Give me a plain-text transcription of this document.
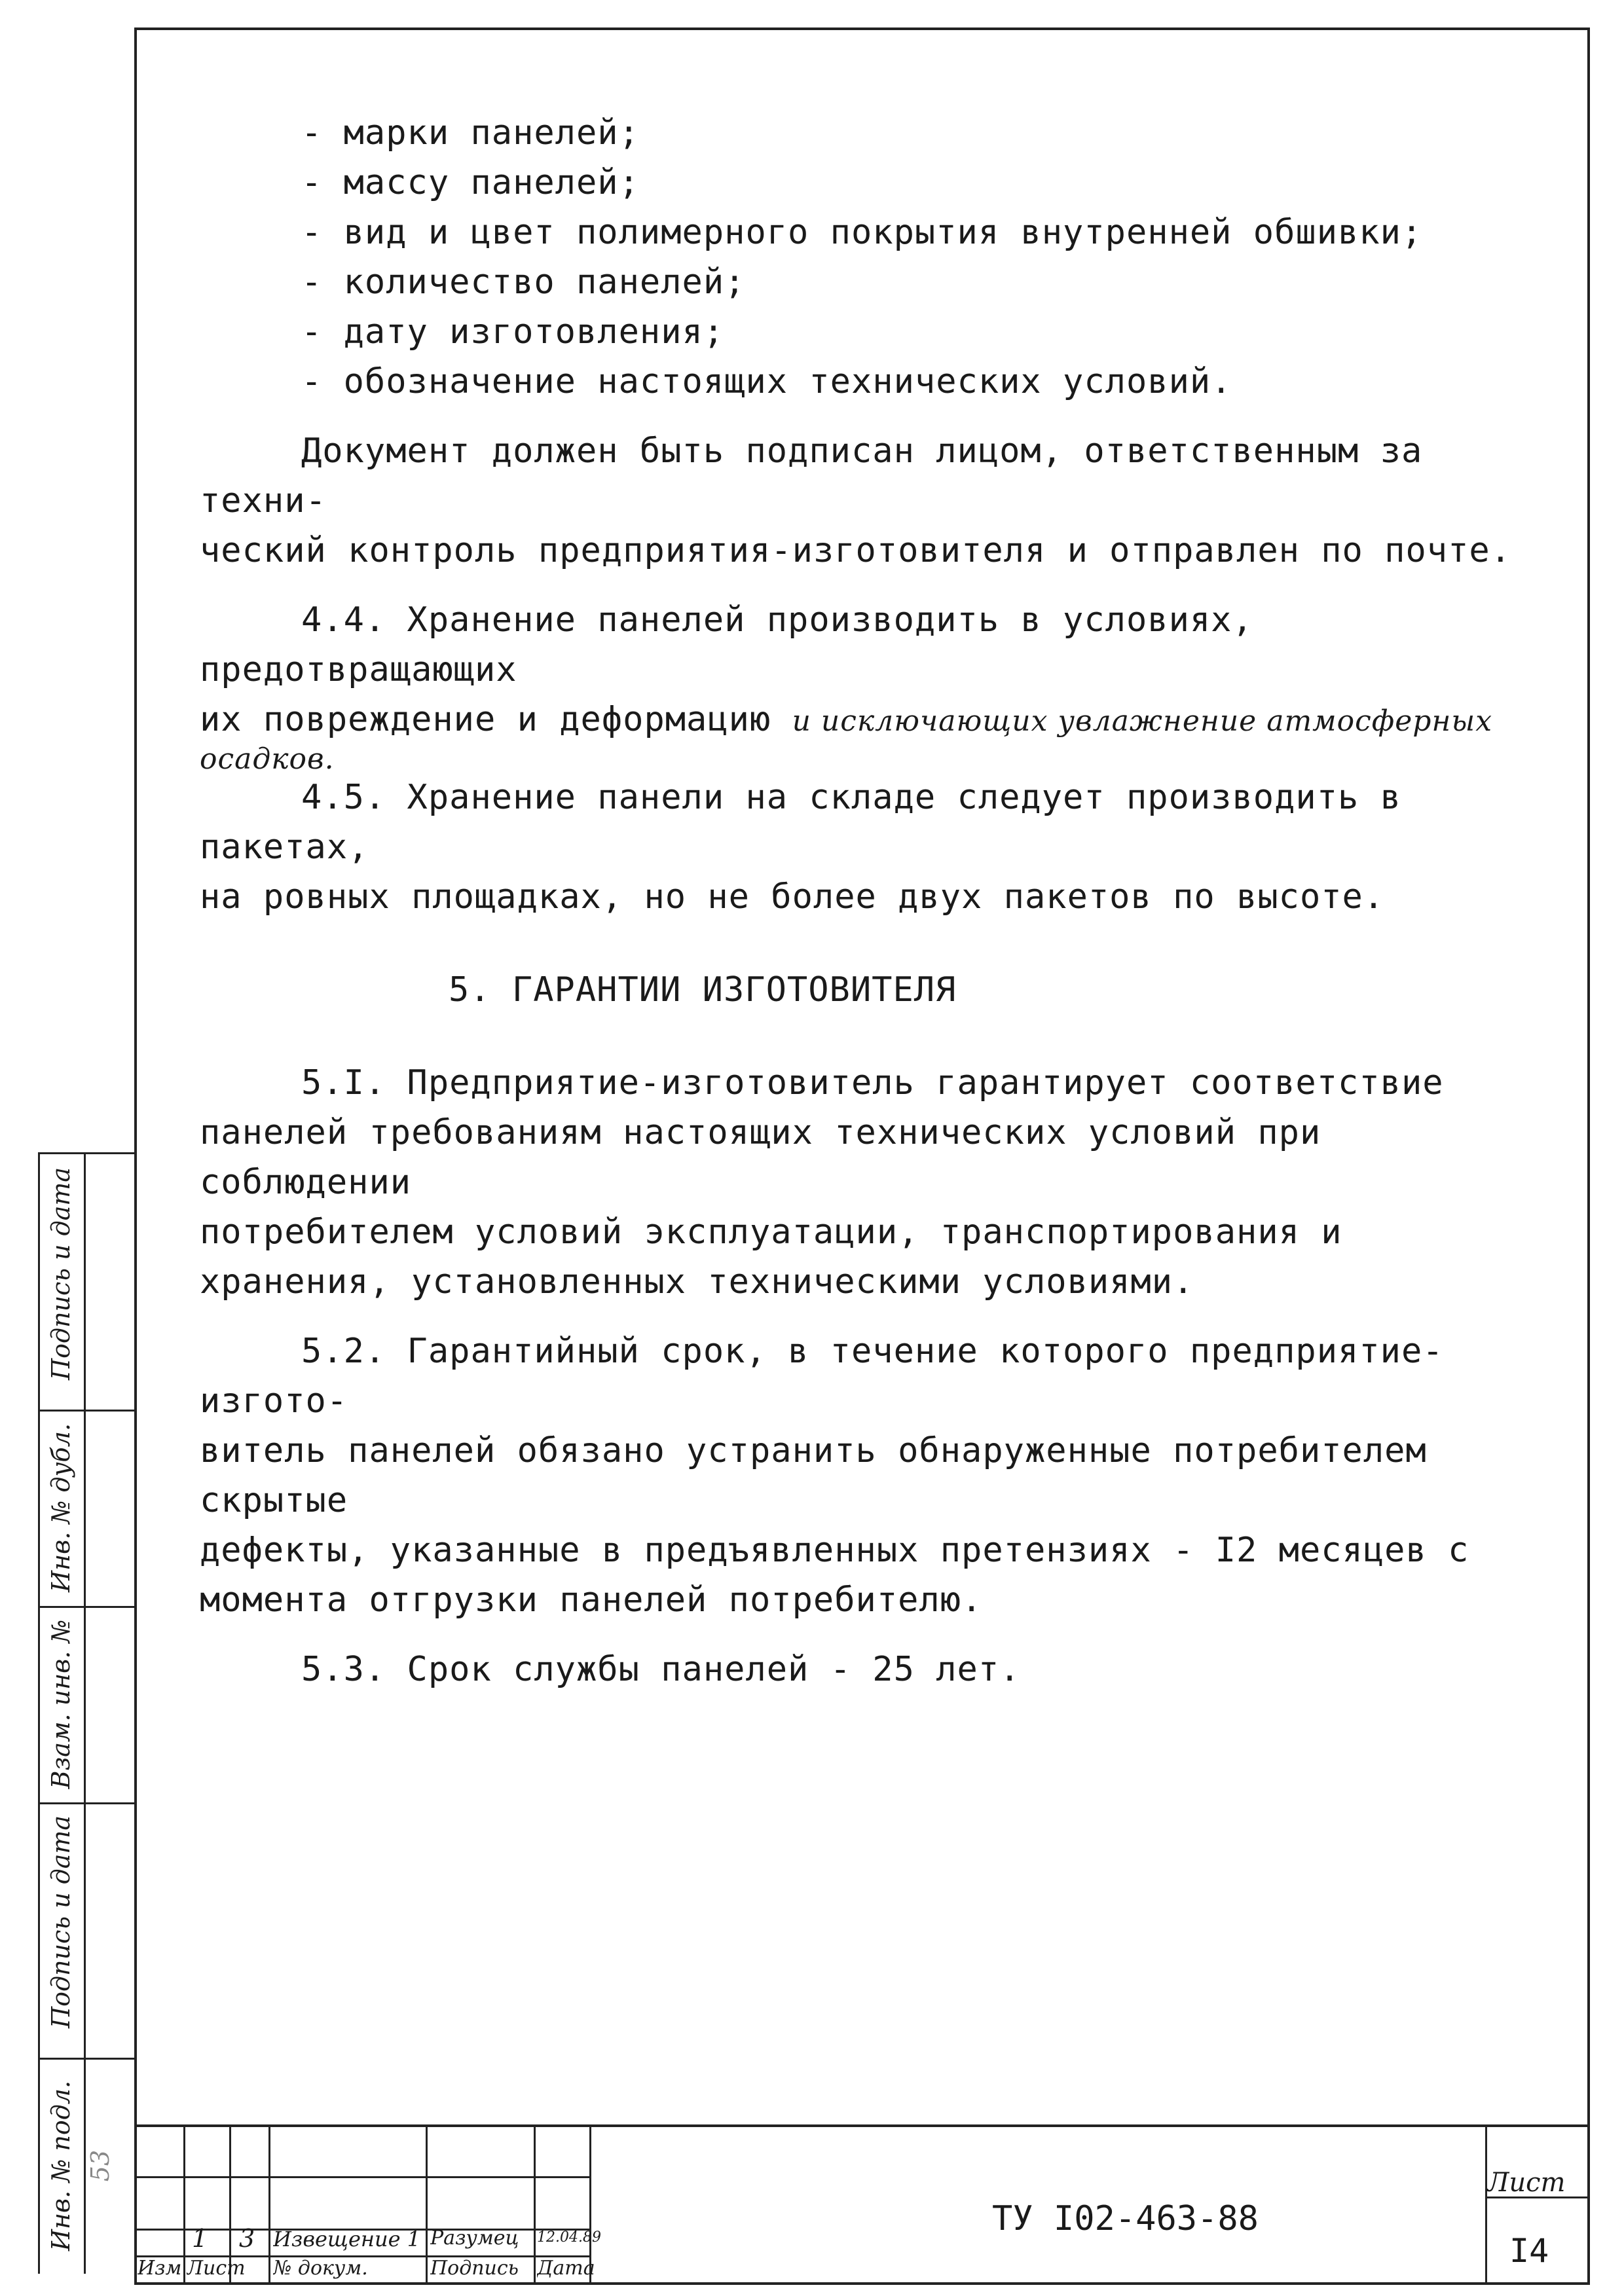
- марки панелей;

- массу панелей;

- вид и цвет полимерного покрытия внутренней обшивки;

- количество панелей;

- дату изготовления;

- обозначение настоящих технических условий.

Документ должен быть подписан лицом, ответственным за техни-

ческий контроль предприятия-изготовителя и отправлен по почте.

4.4. Хранение панелей производить в условиях, предотвращающих

их повреждение и деформацию и исключающих увлажнение атмосферных

осадков.

4.5. Хранение панели на складе следует производить в пакетах,

на ровных площадках, но не более двух пакетов по высоте.

5. ГАРАНТИИ ИЗГОТОВИТЕЛЯ

5.I. Предприятие-изготовитель гарантирует соответствие

панелей требованиям настоящих технических условий при соблюдении

потребителем условий эксплуатации, транспортирования и

хранения, установленных техническими условиями.

5.2. Гарантийный срок, в течение которого предприятие-изгото-

витель панелей обязано устранить обнаруженные потребителем скрытые

дефекты, указанные в предъявленных претензиях - I2 месяцев с

момента отгрузки панелей потребителю.

5.3. Срок службы панелей - 25 лет.

Подпись и дата
Инв. № дубл.
Взам. инв. №
Подпись и дата
Инв. № подл. 53
1 3 Извещение 1 Разумец 12.04.89
Изм Лист № докум.	Подпись Дата
ТУ I02-463-88
Лист
I4
